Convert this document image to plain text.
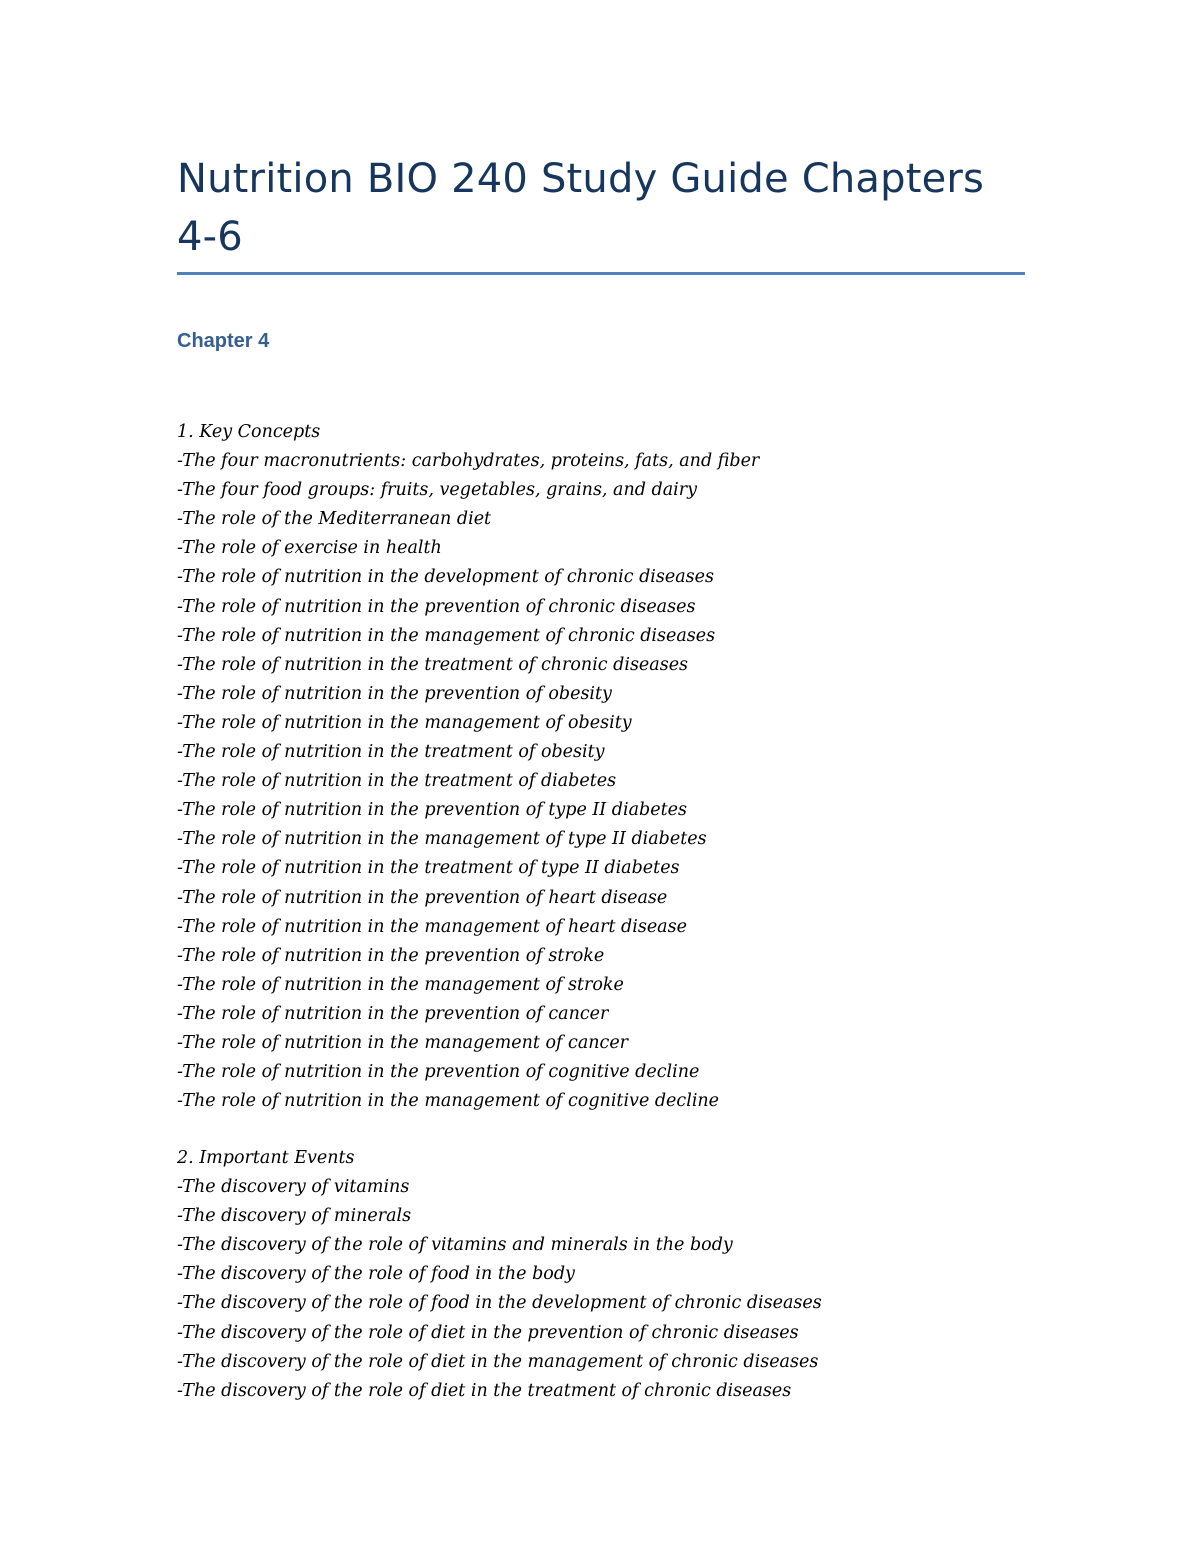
Nutrition BIO 240 Study Guide Chapters 4-6
Chapter 4
1. Key Concepts
-The four macronutrients: carbohydrates, proteins, fats, and fiber
-The four food groups: fruits, vegetables, grains, and dairy
-The role of the Mediterranean diet
-The role of exercise in health
-The role of nutrition in the development of chronic diseases
-The role of nutrition in the prevention of chronic diseases
-The role of nutrition in the management of chronic diseases
-The role of nutrition in the treatment of chronic diseases
-The role of nutrition in the prevention of obesity
-The role of nutrition in the management of obesity
-The role of nutrition in the treatment of obesity
-The role of nutrition in the treatment of diabetes
-The role of nutrition in the prevention of type II diabetes
-The role of nutrition in the management of type II diabetes
-The role of nutrition in the treatment of type II diabetes
-The role of nutrition in the prevention of heart disease
-The role of nutrition in the management of heart disease
-The role of nutrition in the prevention of stroke
-The role of nutrition in the management of stroke
-The role of nutrition in the prevention of cancer
-The role of nutrition in the management of cancer
-The role of nutrition in the prevention of cognitive decline
-The role of nutrition in the management of cognitive decline
2. Important Events
-The discovery of vitamins
-The discovery of minerals
-The discovery of the role of vitamins and minerals in the body
-The discovery of the role of food in the body
-The discovery of the role of food in the development of chronic diseases
-The discovery of the role of diet in the prevention of chronic diseases
-The discovery of the role of diet in the management of chronic diseases
-The discovery of the role of diet in the treatment of chronic diseases
